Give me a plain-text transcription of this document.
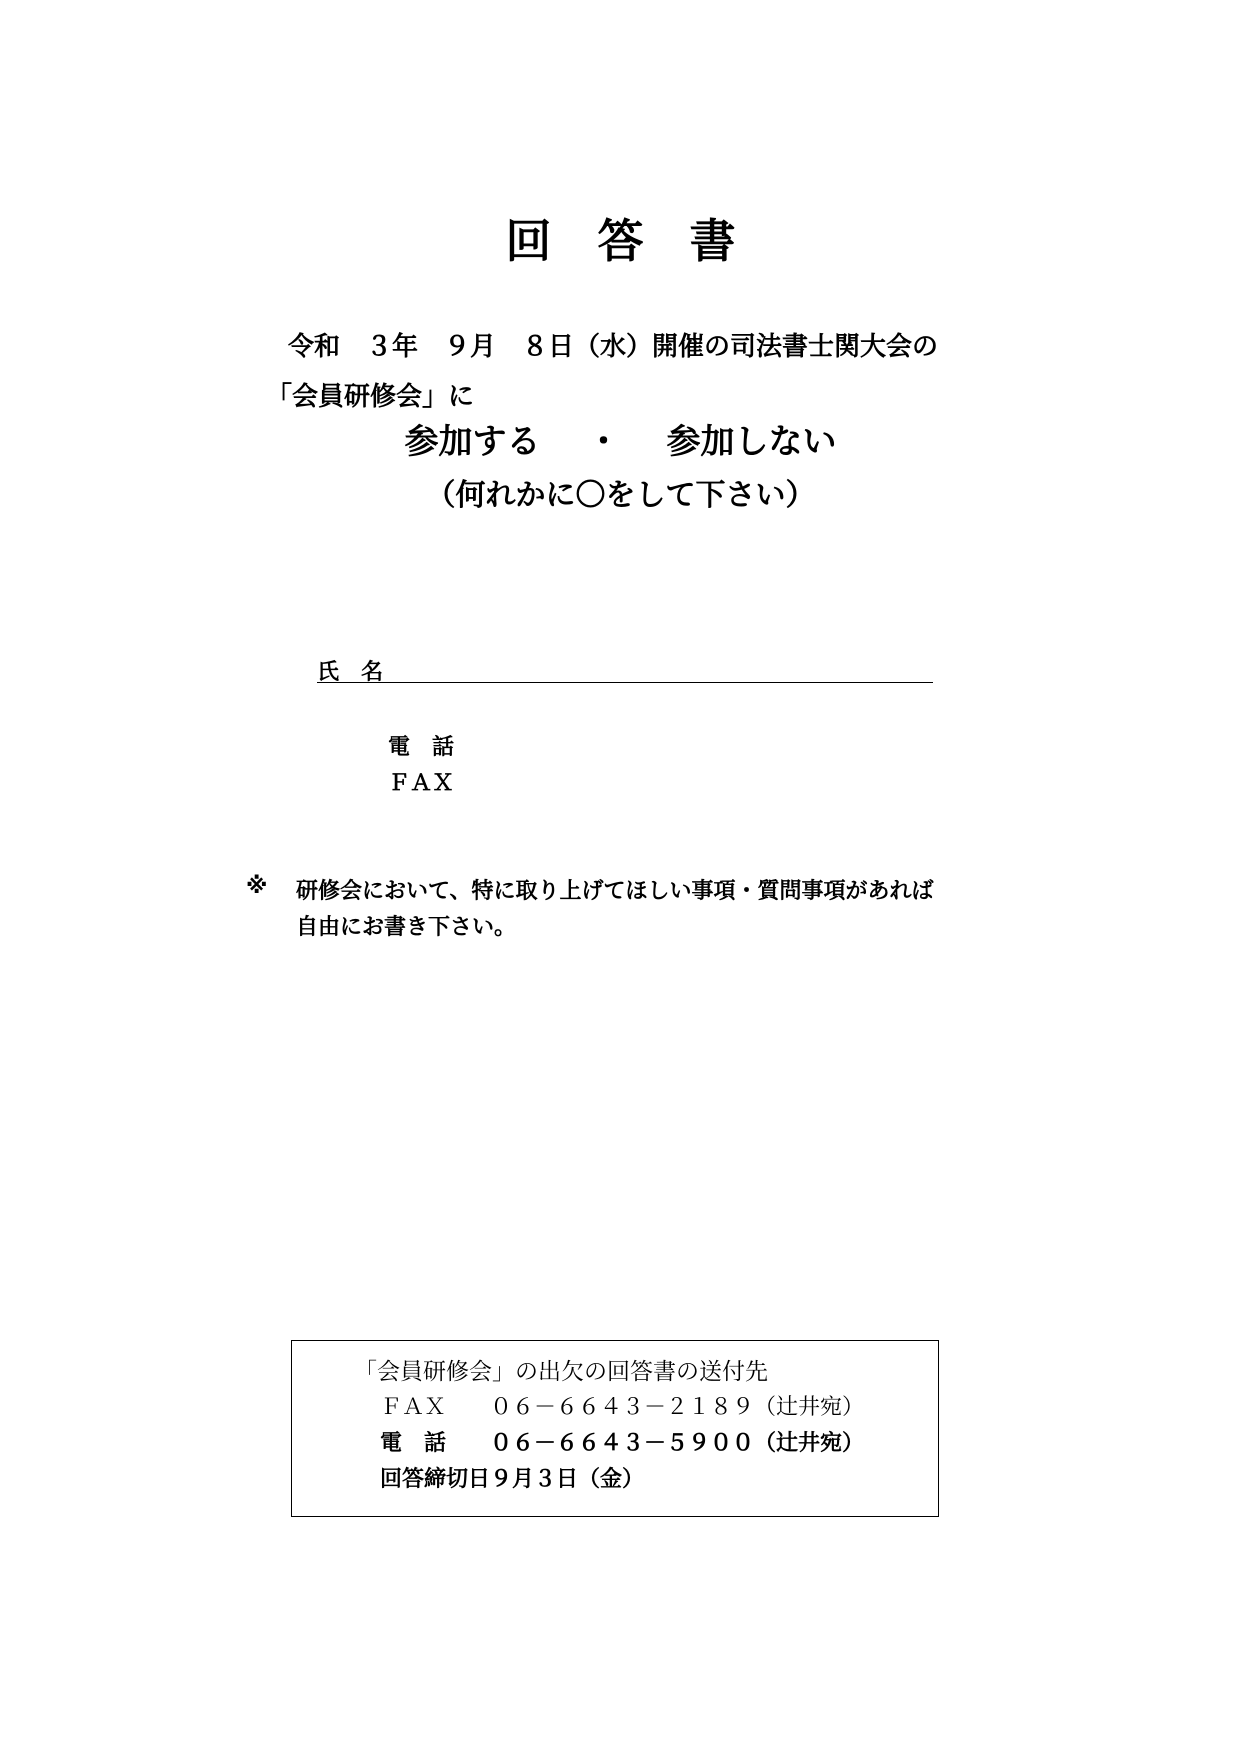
回　答　書
令和　３年　９月　８日（水）開催の司法書士関大会の
「会員研修会」に
参加する ・ 参加しない
（何れかに〇をして下さい）
氏　名
電　話
ＦＡＸ
※ 研修会において、特に取り上げてほしい事項・質問事項があれば
自由にお書き下さい。
「会員研修会」の出欠の回答書の送付先
ＦＡＸ ０６－６６４３－２１８９（辻井宛）
電　話 ０６－６６４３－５９００（辻井宛）
回答締切日９月３日（金）
